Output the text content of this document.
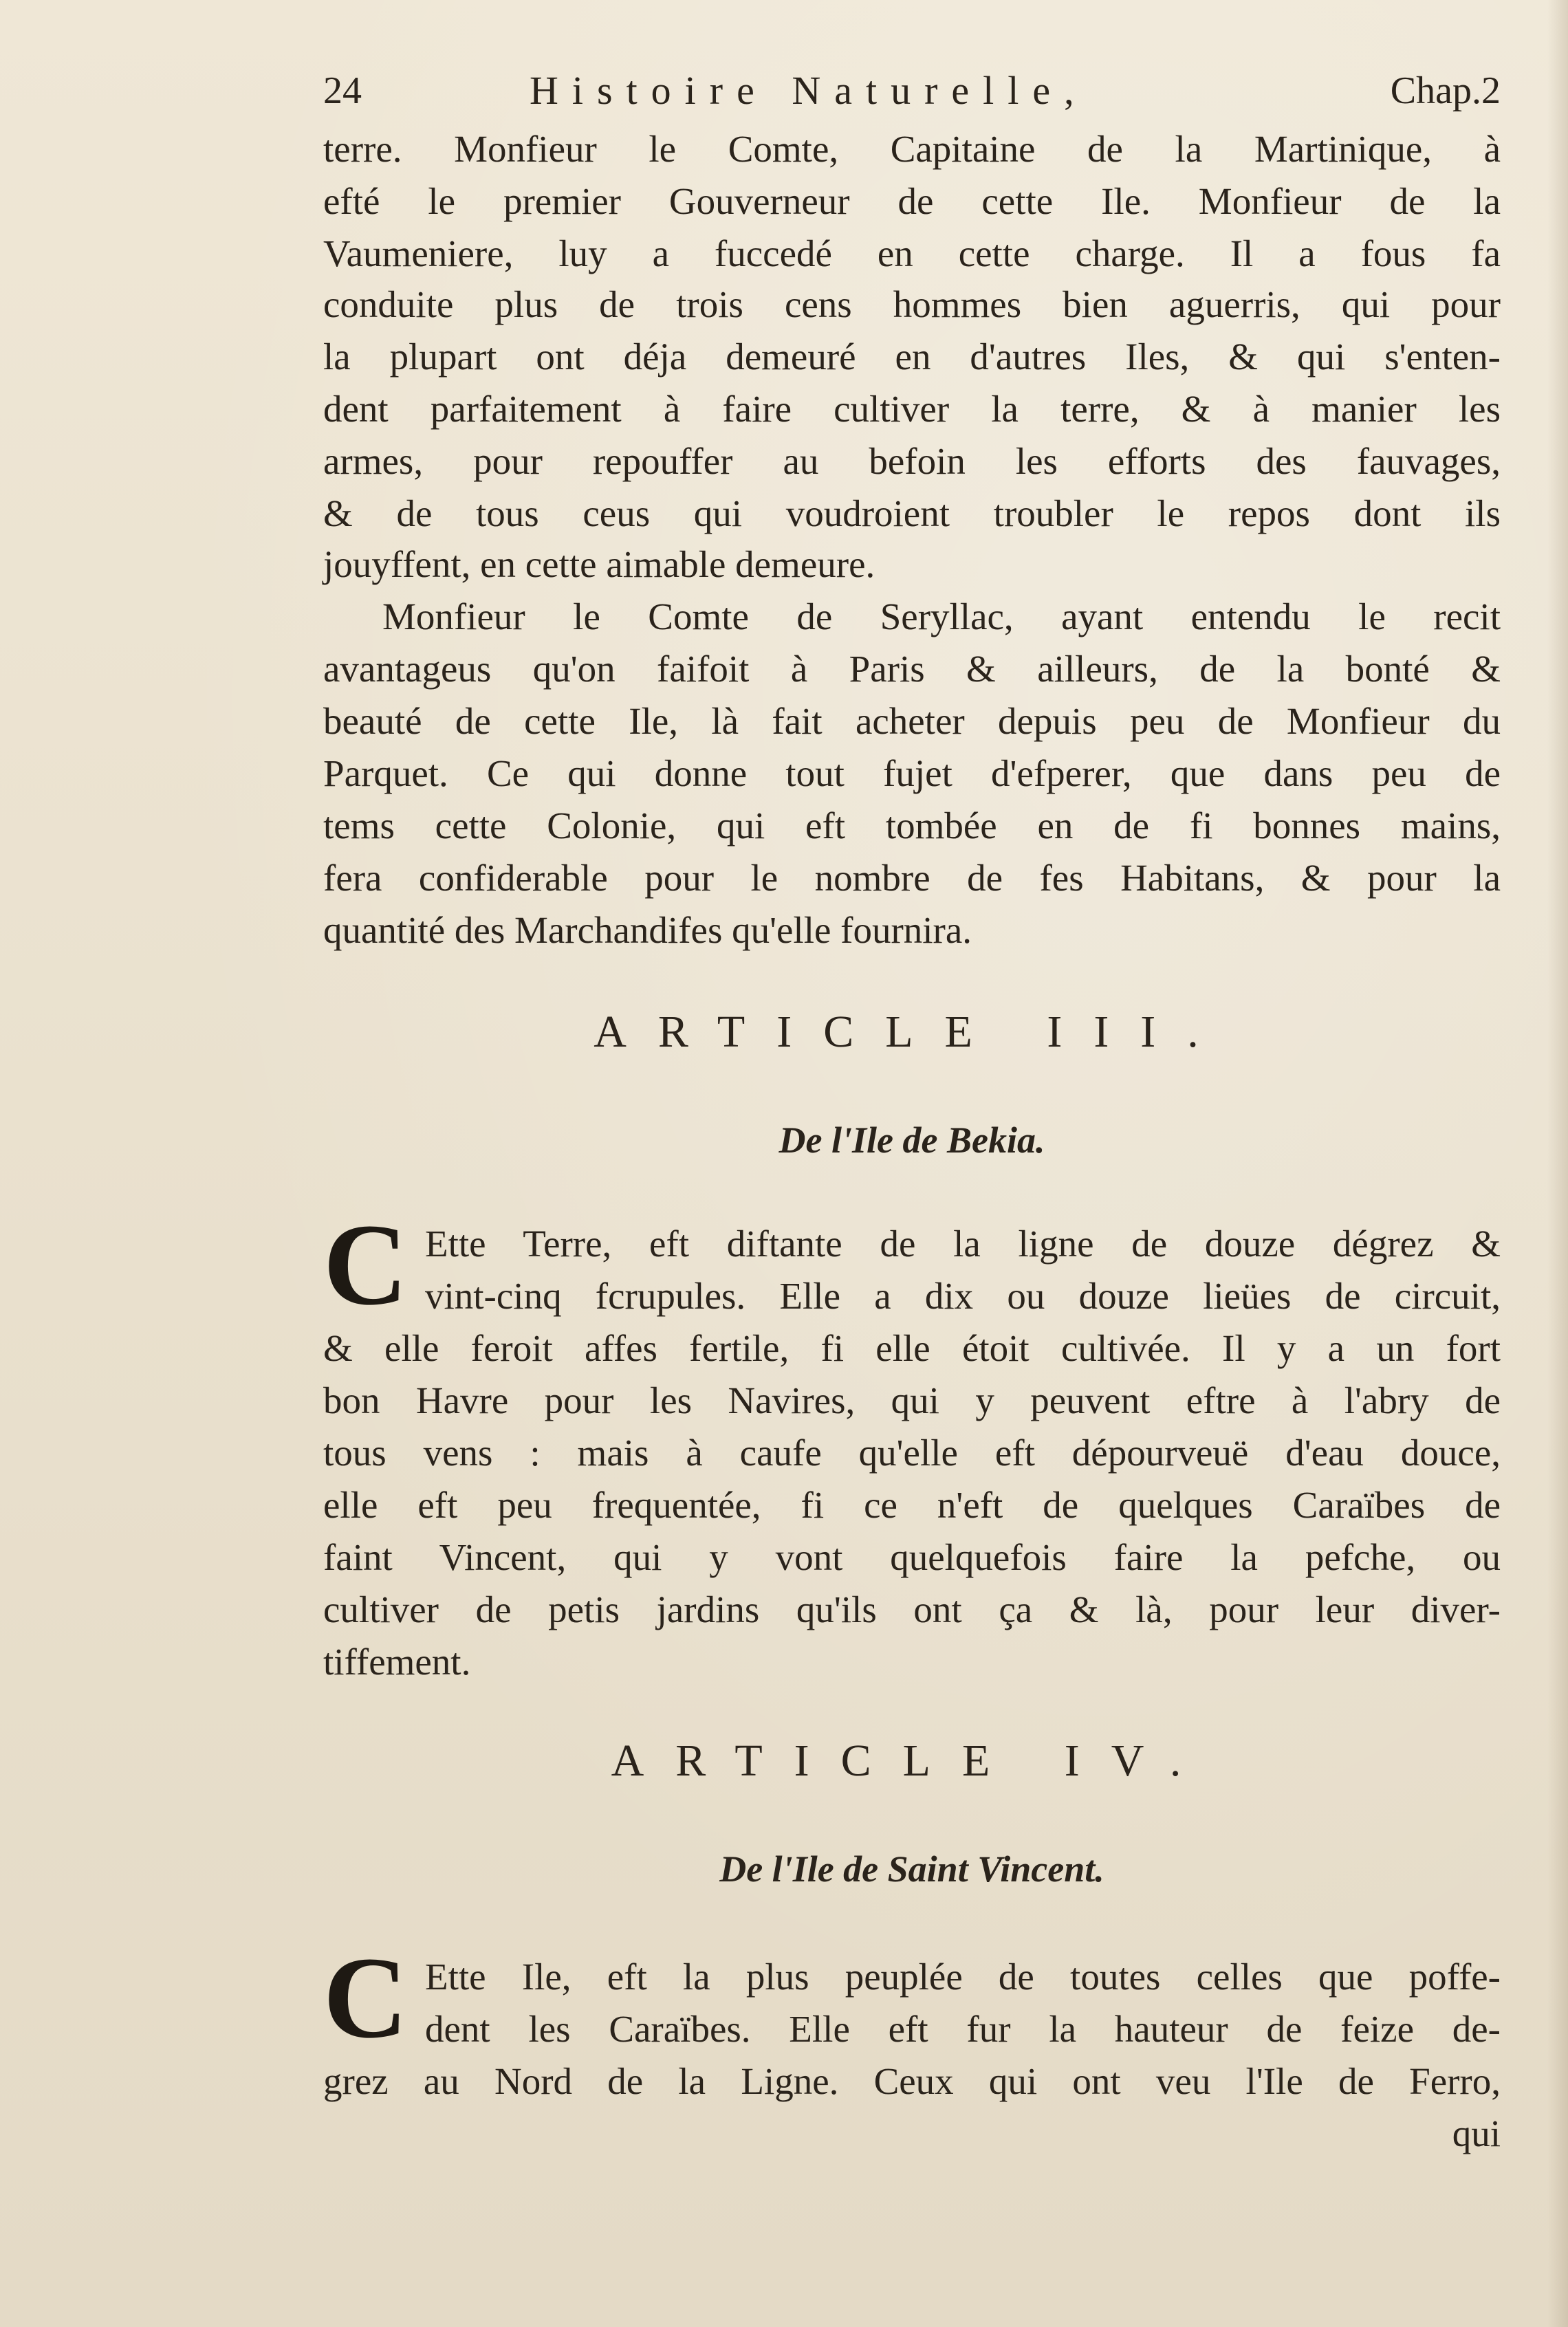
24	Histoire Naturelle,	Chap.2
terre. Monfieur le Comte, Capitaine de la Martinique, à
efté le premier Gouverneur de cette Ile. Monfieur de la
Vaumeniere, luy a fuccedé en cette charge. Il a fous fa
conduite plus de trois cens hommes bien aguerris, qui pour
la plupart ont déja demeuré en d'autres Iles, & qui s'enten-
dent parfaitement à faire cultiver la terre, & à manier les
armes, pour repouffer au befoin les efforts des fauvages,
& de tous ceus qui voudroient troubler le repos dont ils
jouyffent, en cette aimable demeure.
Monfieur le Comte de Seryllac, ayant entendu le recit
avantageus qu'on faifoit à Paris & ailleurs, de la bonté &
beauté de cette Ile, là fait acheter depuis peu de Monfieur du
Parquet. Ce qui donne tout fujet d'efperer, que dans peu de
tems cette Colonie, qui eft tombée en de fi bonnes mains,
fera confiderable pour le nombre de fes Habitans, & pour la
quantité des Marchandifes qu'elle fournira.
ARTICLE III.
De l'Ile de Bekia.
C Ette Terre, eft diftante de la ligne de douze dégrez &
vint-cinq fcrupules. Elle a dix ou douze lieües de circuit,
& elle feroit affes fertile, fi elle étoit cultivée. Il y a un fort
bon Havre pour les Navires, qui y peuvent eftre à l'abry de
tous vens : mais à caufe qu'elle eft dépourveuë d'eau douce,
elle eft peu frequentée, fi ce n'eft de quelques Caraïbes de
faint Vincent, qui y vont quelquefois faire la pefche, ou
cultiver de petis jardins qu'ils ont ça & là, pour leur diver-
tiffement.
ARTICLE IV.
De l'Ile de Saint Vincent.
C Ette Ile, eft la plus peuplée de toutes celles que poffe-
dent les Caraïbes. Elle eft fur la hauteur de feize de-
grez au Nord de la Ligne. Ceux qui ont veu l'Ile de Ferro,
qui
